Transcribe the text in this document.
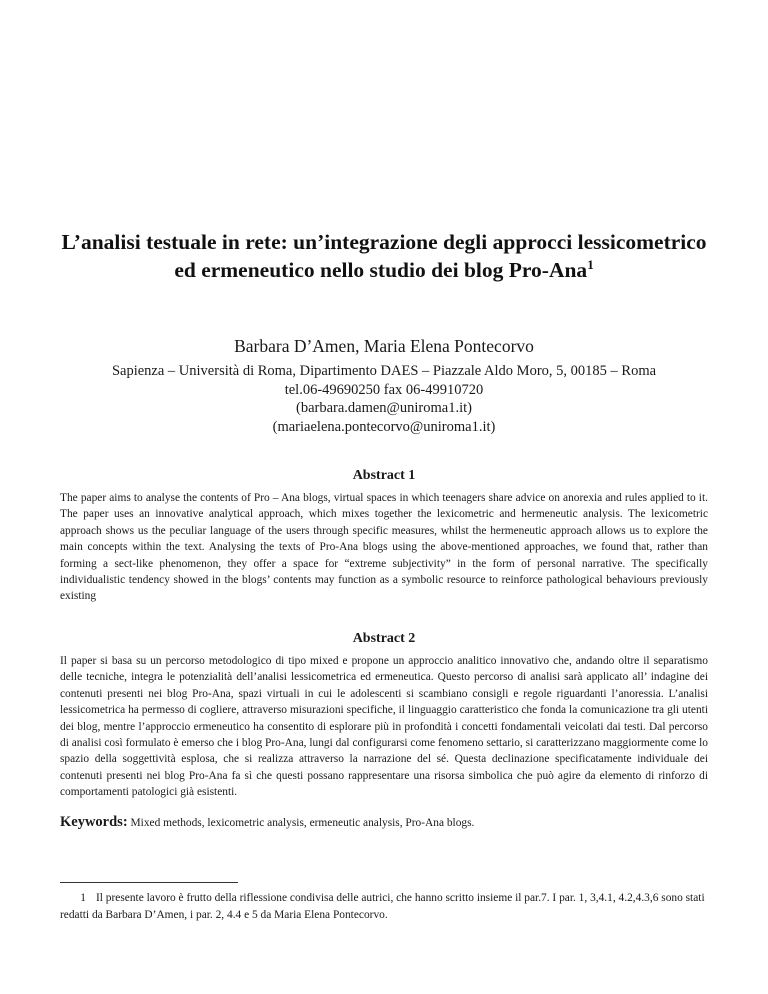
L’analisi testuale in rete: un’integrazione degli approcci lessicometrico ed ermeneutico nello studio dei blog Pro-Ana$^1$
Barbara D’Amen, Maria Elena Pontecorvo
Sapienza – Università di Roma, Dipartimento DAES – Piazzale Aldo Moro, 5, 00185 – Roma
tel.06-49690250 fax 06-49910720
(barbara.damen@uniroma1.it)
(mariaelena.pontecorvo@uniroma1.it)
Abstract 1

The paper aims to analyse the contents of Pro – Ana blogs, virtual spaces in which teenagers share advice on anorexia and rules applied to it. The paper uses an innovative analytical approach, which mixes together the lexicometric and hermeneutic analysis. The lexicometric approach shows us the peculiar language of the users through specific measures, whilst the hermeneutic approach allows us to explore the main concepts within the text. Analysing the texts of Pro-Ana blogs using the above-mentioned approaches, we found that, rather than forming a sect-like phenomenon, they offer a space for “extreme subjectivity” in the form of personal narrative. The specifically individualistic tendency showed in the blogs’ contents may function as a symbolic resource to reinforce pathological behaviours previously existing

Abstract 2

Il paper si basa su un percorso metodologico di tipo mixed e propone un approccio analitico innovativo che, andando oltre il separatismo delle tecniche, integra le potenzialità dell’analisi lessicometrica ed ermeneutica. Questo percorso di analisi sarà applicato all’ indagine dei contenuti presenti nei blog Pro-Ana, spazi virtuali in cui le adolescenti si scambiano consigli e regole riguardanti l’anoressia. L’analisi lessicometrica ha permesso di cogliere, attraverso misurazioni specifiche, il linguaggio caratteristico che fonda la comunicazione tra gli utenti dei blog, mentre l’approccio ermeneutico ha consentito di esplorare più in profondità i concetti fondamentali veicolati dai testi. Dal percorso di analisi così formulato è emerso che i blog Pro-Ana, lungi dal configurarsi come fenomeno settario, si caratterizzano maggiormente come lo spazio della soggettività esplosa, che si realizza attraverso la narrazione del sé. Questa declinazione specificatamente individuale dei contenuti presenti nei blog Pro-Ana fa sì che questi possano rappresentare una risorsa simbolica che può agire da elemento di rinforzo di comportamenti patologici già esistenti.

Keywords: Mixed methods, lexicometric analysis, ermeneutic analysis, Pro-Ana blogs.
1 Il presente lavoro è frutto della riflessione condivisa delle autrici, che hanno scritto insieme il par.7. I par. 1, 3,4.1, 4.2,4.3,6 sono stati redatti da Barbara D’Amen, i par. 2, 4.4 e 5 da Maria Elena Pontecorvo.
